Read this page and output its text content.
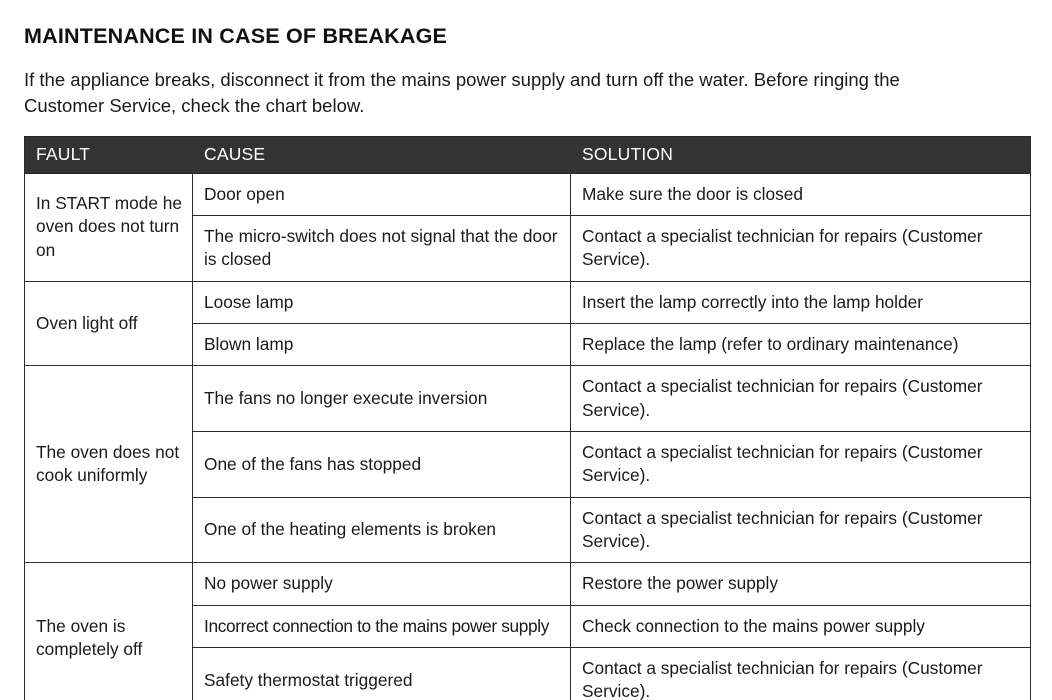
MAINTENANCE IN CASE OF BREAKAGE

If the appliance breaks, disconnect it from the mains power supply and turn off the water. Before ringing the Customer Service, check the chart below.

FAULT	CAUSE	SOLUTION
In START mode he oven does not turn on	Door open	Make sure the door is closed
	The micro-switch does not signal that the door is closed	Contact a specialist technician for repairs (Customer Service).
Oven light off	Loose lamp	Insert the lamp correctly into the lamp holder
	Blown lamp	Replace the lamp (refer to ordinary maintenance)
The oven does not cook uniformly	The fans no longer execute inversion	Contact a specialist technician for repairs (Customer Service).
	One of the fans has stopped	Contact a specialist technician for repairs (Customer Service).
	One of the heating elements is broken	Contact a specialist technician for repairs (Customer Service).
The oven is completely off	No power supply	Restore the power supply
	Incorrect connection to the mains power supply	Check connection to the mains power supply
	Safety thermostat triggered	Contact a specialist technician for repairs (Customer Service).
